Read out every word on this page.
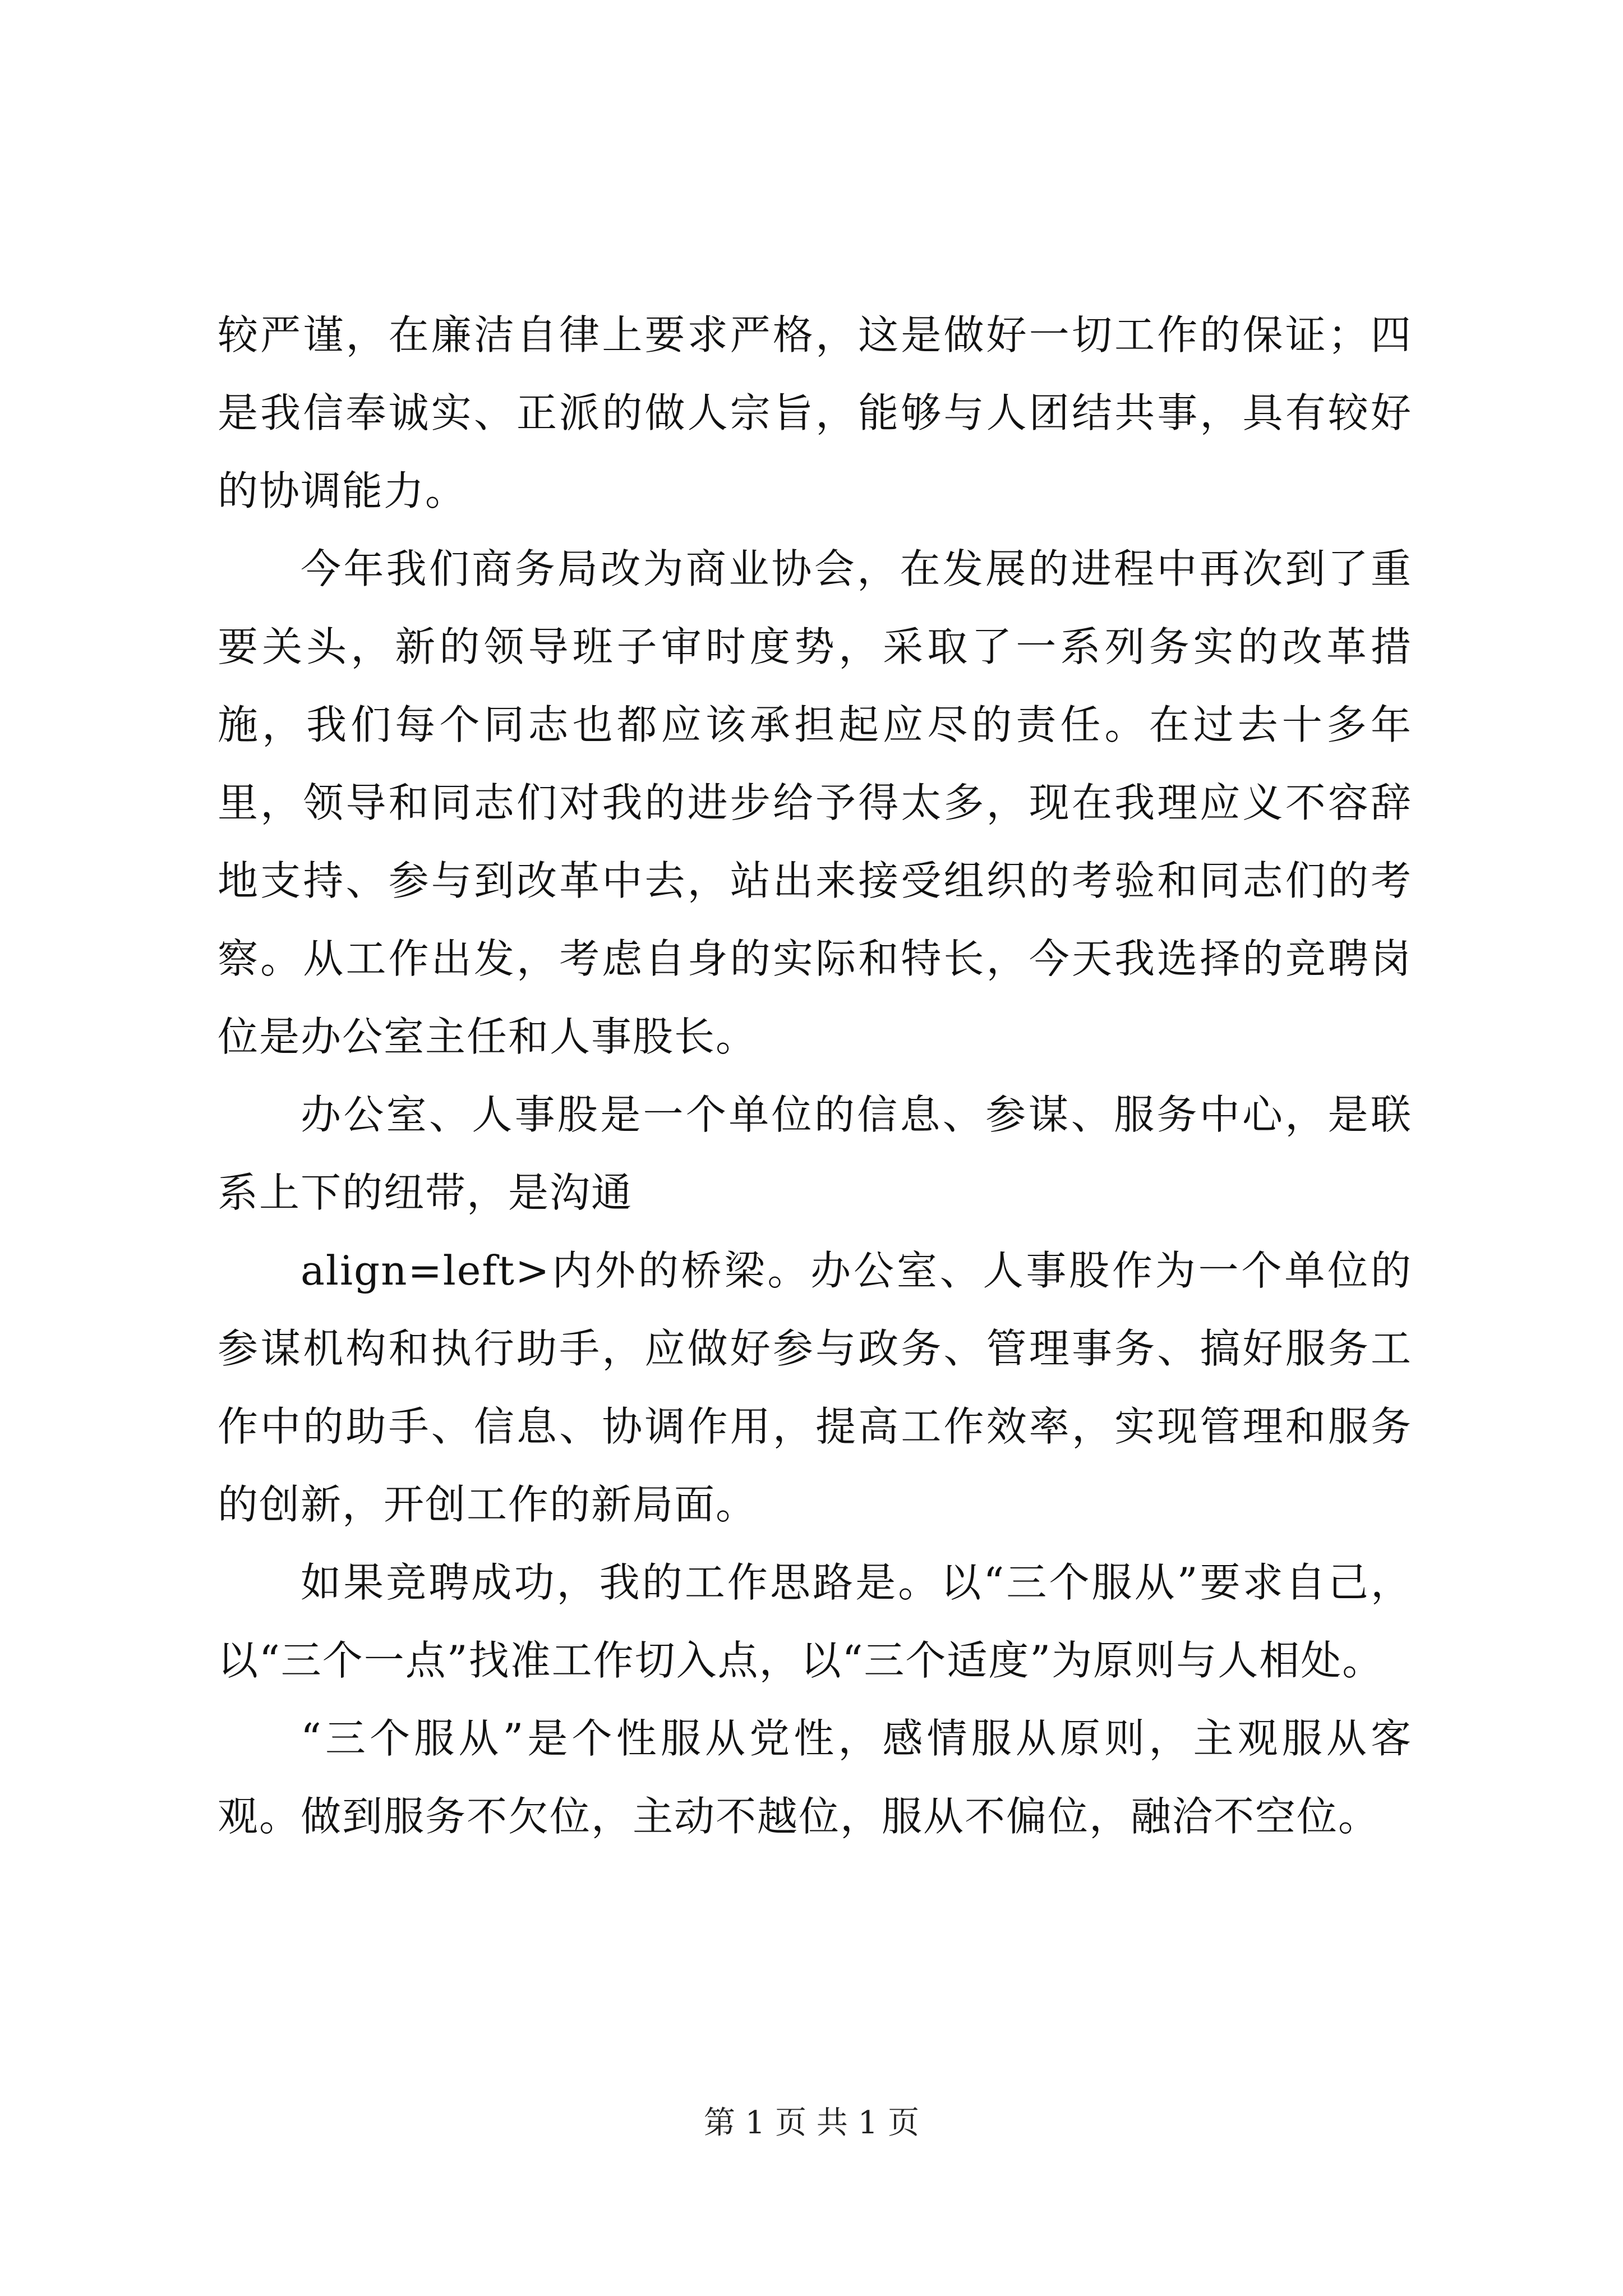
较严谨，在廉洁自律上要求严格，这是做好一切工作的保证；四是我信奉诚实、正派的做人宗旨，能够与人团结共事，具有较好的协调能力。

今年我们商务局改为商业协会，在发展的进程中再次到了重要关头，新的领导班子审时度势，采取了一系列务实的改革措施，我们每个同志也都应该承担起应尽的责任。在过去十多年里，领导和同志们对我的进步给予得太多，现在我理应义不容辞地支持、参与到改革中去，站出来接受组织的考验和同志们的考察。从工作出发，考虑自身的实际和特长，今天我选择的竞聘岗位是办公室主任和人事股长。

办公室、人事股是一个单位的信息、参谋、服务中心，是联系上下的纽带，是沟通

align=left>内外的桥梁。办公室、人事股作为一个单位的参谋机构和执行助手，应做好参与政务、管理事务、搞好服务工作中的助手、信息、协调作用，提高工作效率，实现管理和服务的创新，开创工作的新局面。

如果竞聘成功，我的工作思路是。以“三个服从”要求自己，以“三个一点”找准工作切入点，以“三个适度”为原则与人相处。

“三个服从”是个性服从党性，感情服从原则，主观服从客观。做到服务不欠位，主动不越位，服从不偏位，融洽不空位。

第 1 页 共 1 页
